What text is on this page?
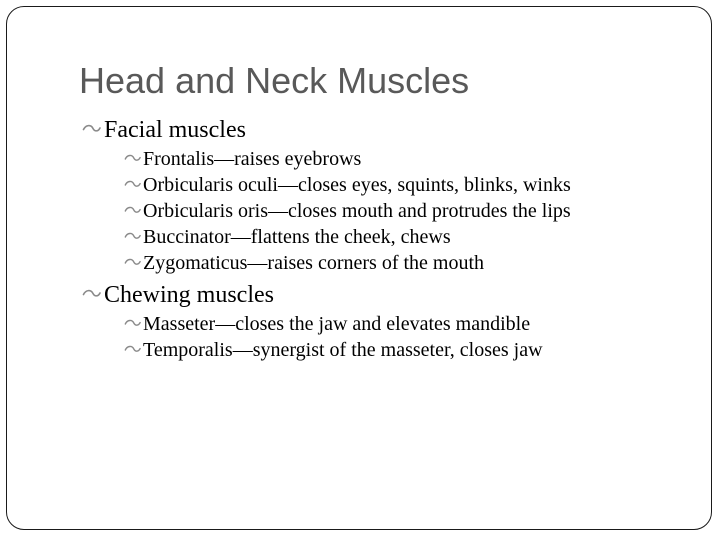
Head and Neck Muscles
Facial muscles
Frontalis—raises eyebrows
Orbicularis oculi—closes eyes, squints, blinks, winks
Orbicularis oris—closes mouth and protrudes the lips
Buccinator—flattens the cheek, chews
Zygomaticus—raises corners of the mouth
Chewing muscles
Masseter—closes the jaw and elevates mandible
Temporalis—synergist of the masseter, closes jaw
